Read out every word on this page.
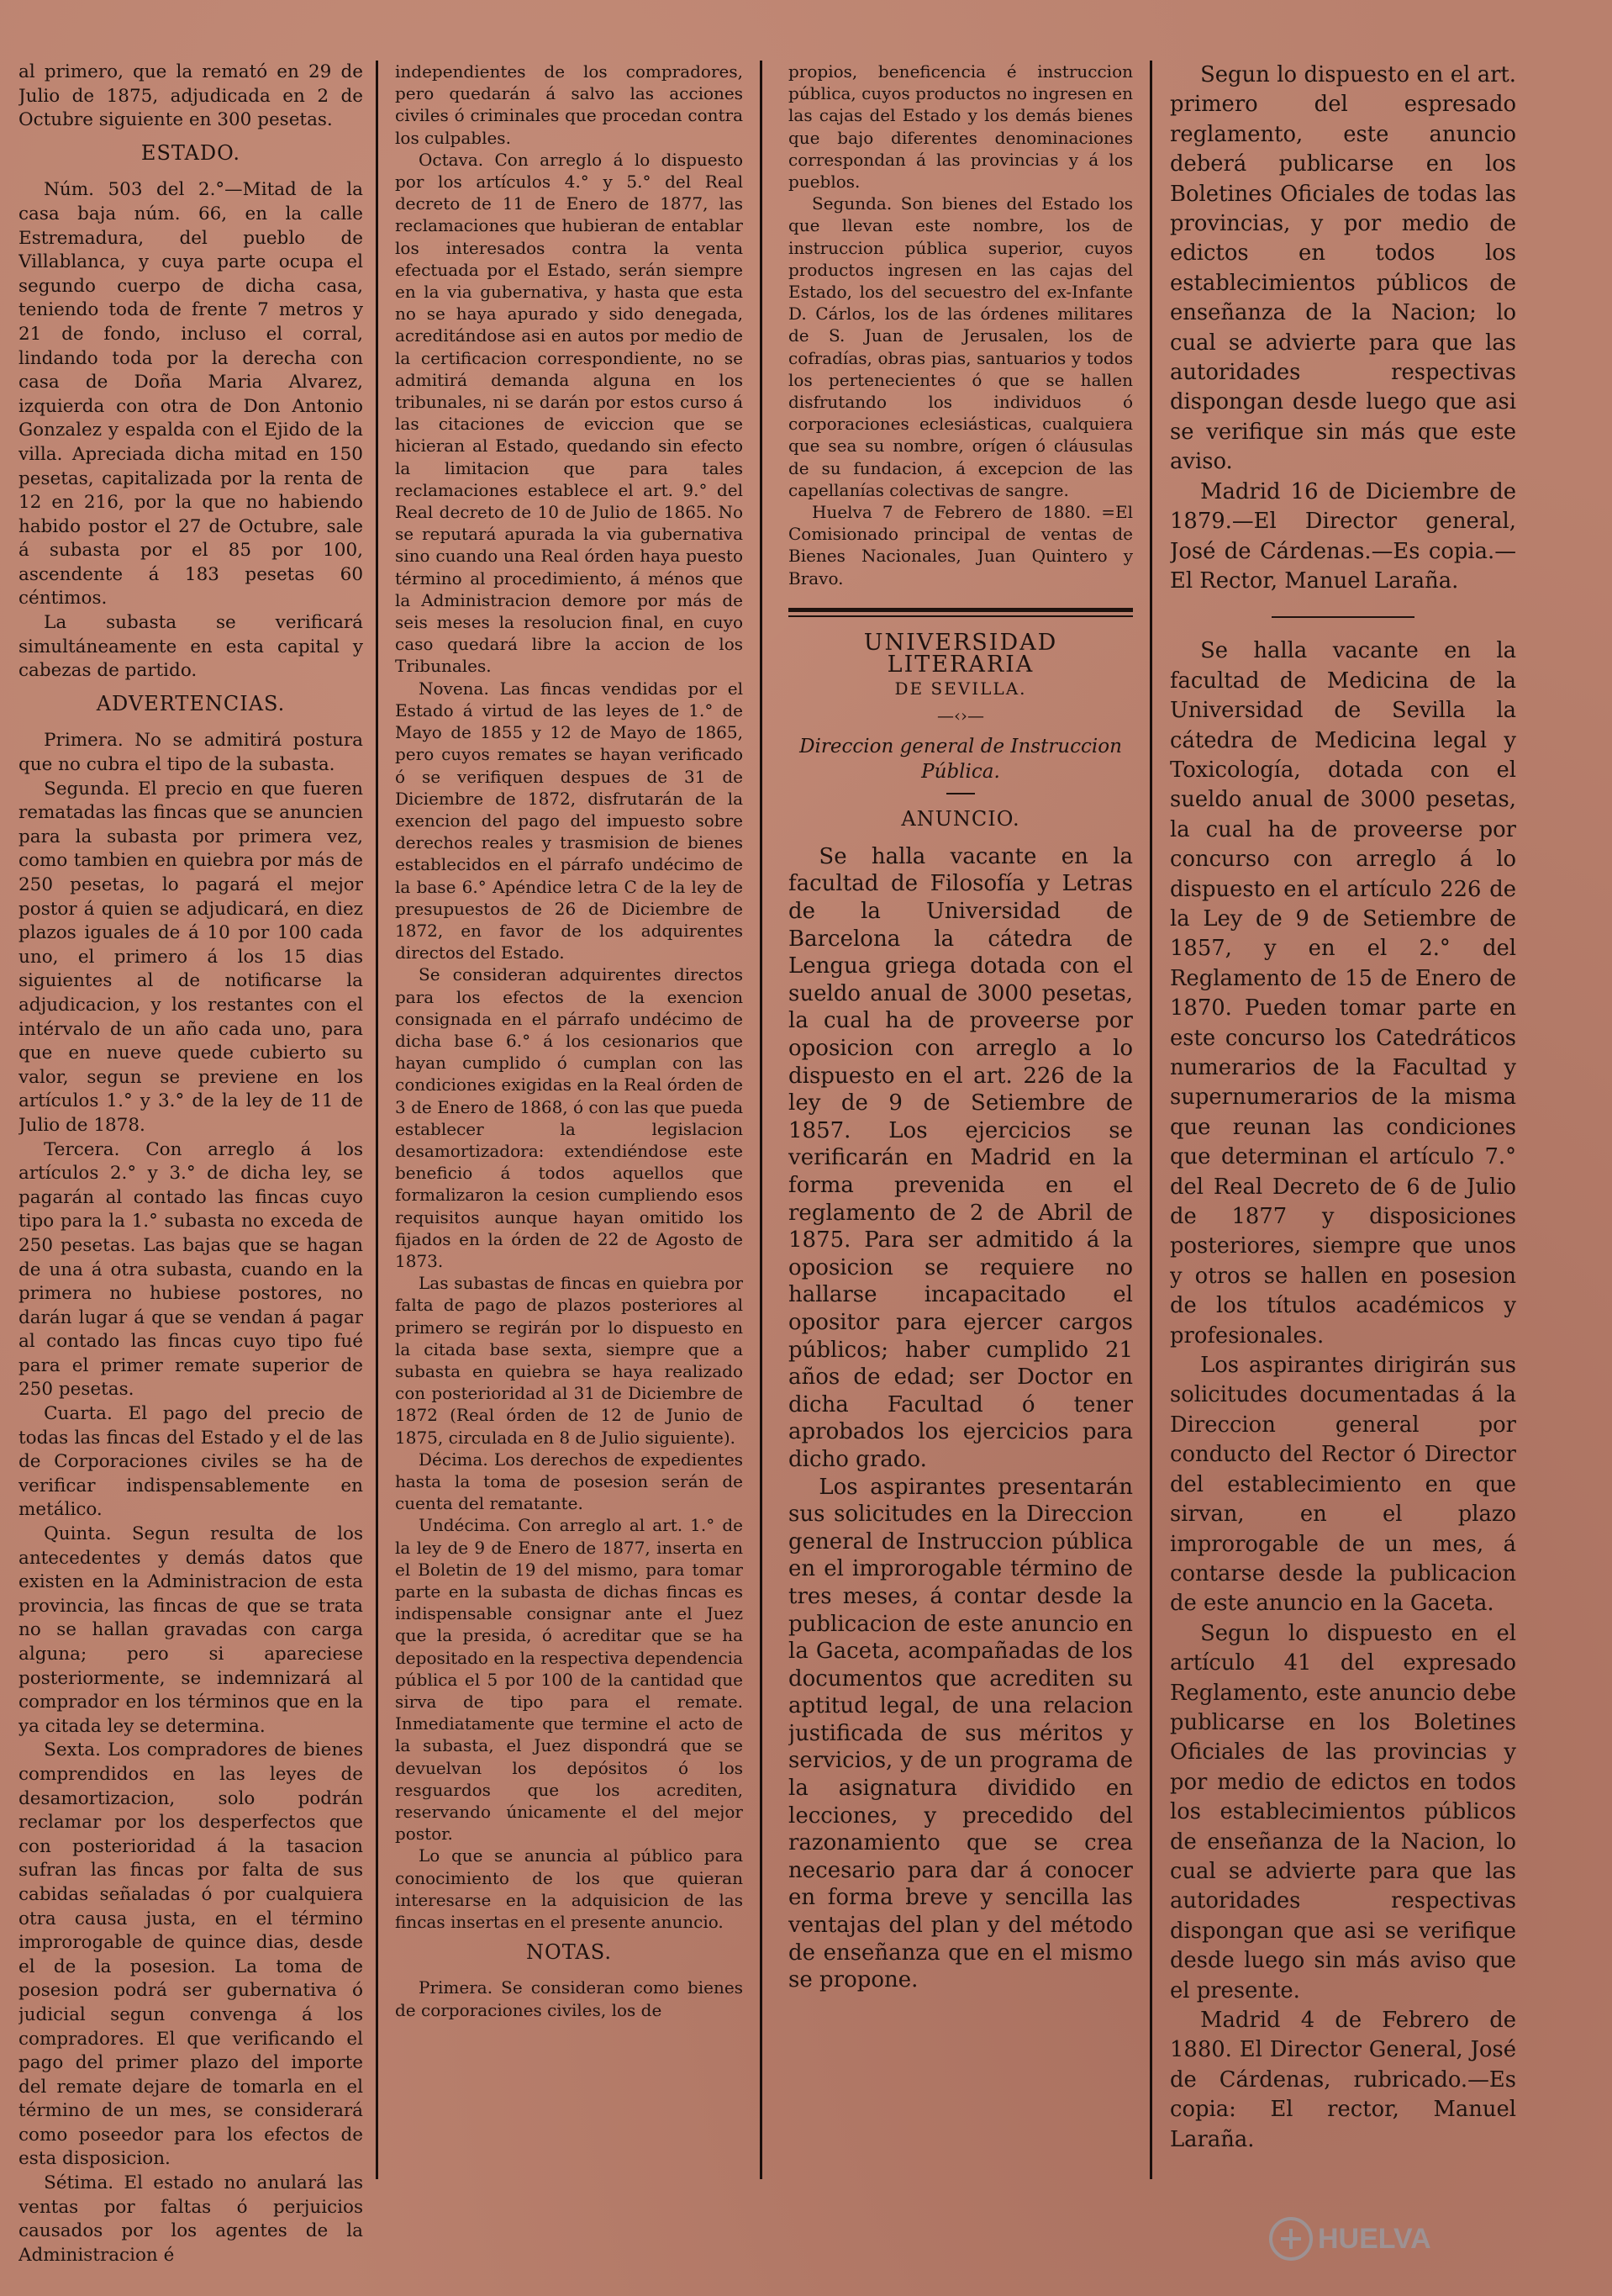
al primero, que la remató en 29 de Julio de 1875, adjudicada en 2 de Octubre siguiente en 300 pesetas.

ESTADO.

Núm. 503 del 2.°—Mitad de la casa baja núm. 66, en la calle Estremadura, del pueblo de Villablanca, y cuya parte ocupa el segundo cuerpo de dicha casa, teniendo toda de frente 7 metros y 21 de fondo, incluso el corral, lindando toda por la derecha con casa de Doña Maria Alvarez, izquierda con otra de Don Antonio Gonzalez y espalda con el Ejido de la villa. Apreciada dicha mitad en 150 pesetas, capitalizada por la renta de 12 en 216, por la que no habiendo habido postor el 27 de Octubre, sale á subasta por el 85 por 100, ascendente á 183 pesetas 60 céntimos.

La subasta se verificará simultáneamente en esta capital y cabezas de partido.

ADVERTENCIAS.

Primera. No se admitirá postura que no cubra el tipo de la subasta.

Segunda. El precio en que fueren rematadas las fincas que se anuncien para la subasta por primera vez, como tambien en quiebra por más de 250 pesetas, lo pagará el mejor postor á quien se adjudicará, en diez plazos iguales de á 10 por 100 cada uno, el primero á los 15 dias siguientes al de notificarse la adjudicacion, y los restantes con el intérvalo de un año cada uno, para que en nueve quede cubierto su valor, segun se previene en los artículos 1.° y 3.° de la ley de 11 de Julio de 1878.

Tercera. Con arreglo á los artículos 2.° y 3.° de dicha ley, se pagarán al contado las fincas cuyo tipo para la 1.° subasta no exceda de 250 pesetas. Las bajas que se hagan de una á otra subasta, cuando en la primera no hubiese postores, no darán lugar á que se vendan á pagar al contado las fincas cuyo tipo fué para el primer remate superior de 250 pesetas.

Cuarta. El pago del precio de todas las fincas del Estado y el de las de Corporaciones civiles se ha de verificar indispensablemente en metálico.

Quinta. Segun resulta de los antecedentes y demás datos que existen en la Administracion de esta provincia, las fincas de que se trata no se hallan gravadas con carga alguna; pero si apareciese posteriormente, se indemnizará al comprador en los términos que en la ya citada ley se determina.

Sexta. Los compradores de bienes comprendidos en las leyes de desamortizacion, solo podrán reclamar por los desperfectos que con posterioridad á la tasacion sufran las fincas por falta de sus cabidas señaladas ó por cualquiera otra causa justa, en el término improrogable de quince dias, desde el de la posesion. La toma de posesion podrá ser gubernativa ó judicial segun convenga á los compradores. El que verificando el pago del primer plazo del importe del remate dejare de tomarla en el término de un mes, se considerará como poseedor para los efectos de esta disposicion.

Sétima. El estado no anulará las ventas por faltas ó perjuicios causados por los agentes de la Administracion é

independientes de los compradores, pero quedarán á salvo las acciones civiles ó criminales que procedan contra los culpables.

Octava. Con arreglo á lo dispuesto por los artículos 4.° y 5.° del Real decreto de 11 de Enero de 1877, las reclamaciones que hubieran de entablar los interesados contra la venta efectuada por el Estado, serán siempre en la via gubernativa, y hasta que esta no se haya apurado y sido denegada, acreditándose asi en autos por medio de la certificacion correspondiente, no se admitirá demanda alguna en los tribunales, ni se darán por estos curso á las citaciones de eviccion que se hicieran al Estado, quedando sin efecto la limitacion que para tales reclamaciones establece el art. 9.° del Real decreto de 10 de Julio de 1865. No se reputará apurada la via gubernativa sino cuando una Real órden haya puesto término al procedimiento, á ménos que la Administracion demore por más de seis meses la resolucion final, en cuyo caso quedará libre la accion de los Tribunales.

Novena. Las fincas vendidas por el Estado á virtud de las leyes de 1.° de Mayo de 1855 y 12 de Mayo de 1865, pero cuyos remates se hayan verificado ó se verifiquen despues de 31 de Diciembre de 1872, disfrutarán de la exencion del pago del impuesto sobre derechos reales y trasmision de bienes establecidos en el párrafo undécimo de la base 6.° Apéndice letra C de la ley de presupuestos de 26 de Diciembre de 1872, en favor de los adquirentes directos del Estado.

Se consideran adquirentes directos para los efectos de la exencion consignada en el párrafo undécimo de dicha base 6.° á los cesionarios que hayan cumplido ó cumplan con las condiciones exigidas en la Real órden de 3 de Enero de 1868, ó con las que pueda establecer la legislacion desamortizadora: extendiéndose este beneficio á todos aquellos que formalizaron la cesion cumpliendo esos requisitos aunque hayan omitido los fijados en la órden de 22 de Agosto de 1873.

Las subastas de fincas en quiebra por falta de pago de plazos posteriores al primero se regirán por lo dispuesto en la citada base sexta, siempre que a subasta en quiebra se haya realizado con posterioridad al 31 de Diciembre de 1872 (Real órden de 12 de Junio de 1875, circulada en 8 de Julio siguiente).

Décima. Los derechos de expedientes hasta la toma de posesion serán de cuenta del rematante.

Undécima. Con arreglo al art. 1.° de la ley de 9 de Enero de 1877, inserta en el Boletin de 19 del mismo, para tomar parte en la subasta de dichas fincas es indispensable consignar ante el Juez que la presida, ó acreditar que se ha depositado en la respectiva dependencia pública el 5 por 100 de la cantidad que sirva de tipo para el remate. Inmediatamente que termine el acto de la subasta, el Juez dispondrá que se devuelvan los depósitos ó los resguardos que los acrediten, reservando únicamente el del mejor postor.

Lo que se anuncia al público para conocimiento de los que quieran interesarse en la adquisicion de las fincas insertas en el presente anuncio.

NOTAS.

Primera. Se consideran como bienes de corporaciones civiles, los de

propios, beneficencia é instruccion pública, cuyos productos no ingresen en las cajas del Estado y los demás bienes que bajo diferentes denominaciones correspondan á las provincias y á los pueblos.

Segunda. Son bienes del Estado los que llevan este nombre, los de instruccion pública superior, cuyos productos ingresen en las cajas del Estado, los del secuestro del ex-Infante D. Cárlos, los de las órdenes militares de S. Juan de Jerusalen, los de cofradías, obras pias, santuarios y todos los pertenecientes ó que se hallen disfrutando los individuos ó corporaciones eclesiásticas, cualquiera que sea su nombre, orígen ó cláusulas de su fundacion, á excepcion de las capellanías colectivas de sangre.

Huelva 7 de Febrero de 1880. =El Comisionado principal de ventas de Bienes Nacionales, Juan Quintero y Bravo.

UNIVERSIDAD LITERARIA
DE SEVILLA.
—‹›—
Direccion general de Instruccion Pública.
ANUNCIO.

Se halla vacante en la facultad de Filosofía y Letras de la Universidad de Barcelona la cátedra de Lengua griega dotada con el sueldo anual de 3000 pesetas, la cual ha de proveerse por oposicion con arreglo a lo dispuesto en el art. 226 de la ley de 9 de Setiembre de 1857. Los ejercicios se verificarán en Madrid en la forma prevenida en el reglamento de 2 de Abril de 1875. Para ser admitido á la oposicion se requiere no hallarse incapacitado el opositor para ejercer cargos públicos; haber cumplido 21 años de edad; ser Doctor en dicha Facultad ó tener aprobados los ejercicios para dicho grado.

Los aspirantes presentarán sus solicitudes en la Direccion general de Instruccion pública en el improrogable término de tres meses, á contar desde la publicacion de este anuncio en la Gaceta, acompañadas de los documentos que acrediten su aptitud legal, de una relacion justificada de sus méritos y servicios, y de un programa de la asignatura dividido en lecciones, y precedido del razonamiento que se crea necesario para dar á conocer en forma breve y sencilla las ventajas del plan y del método de enseñanza que en el mismo se propone.

Segun lo dispuesto en el art. primero del espresado reglamento, este anuncio deberá publicarse en los Boletines Oficiales de todas las provincias, y por medio de edictos en todos los establecimientos públicos de enseñanza de la Nacion; lo cual se advierte para que las autoridades respectivas dispongan desde luego que asi se verifique sin más que este aviso.

Madrid 16 de Diciembre de 1879.—El Director general, José de Cárdenas.—Es copia.—El Rector, Manuel Laraña.

Se halla vacante en la facultad de Medicina de la Universidad de Sevilla la cátedra de Medicina legal y Toxicología, dotada con el sueldo anual de 3000 pesetas, la cual ha de proveerse por concurso con arreglo á lo dispuesto en el artículo 226 de la Ley de 9 de Setiembre de 1857, y en el 2.° del Reglamento de 15 de Enero de 1870. Pueden tomar parte en este concurso los Catedráticos numerarios de la Facultad y supernumerarios de la misma que reunan las condiciones que determinan el artículo 7.° del Real Decreto de 6 de Julio de 1877 y disposiciones posteriores, siempre que unos y otros se hallen en posesion de los títulos académicos y profesionales.

Los aspirantes dirigirán sus solicitudes documentadas á la Direccion general por conducto del Rector ó Director del establecimiento en que sirvan, en el plazo improrogable de un mes, á contarse desde la publicacion de este anuncio en la Gaceta.

Segun lo dispuesto en el artículo 41 del expresado Reglamento, este anuncio debe publicarse en los Boletines Oficiales de las provincias y por medio de edictos en todos los establecimientos públicos de enseñanza de la Nacion, lo cual se advierte para que las autoridades respectivas dispongan que asi se verifique desde luego sin más aviso que el presente.

Madrid 4 de Febrero de 1880. El Director General, José de Cárdenas, rubricado.—Es copia: El rector, Manuel Laraña.

HUELVA
